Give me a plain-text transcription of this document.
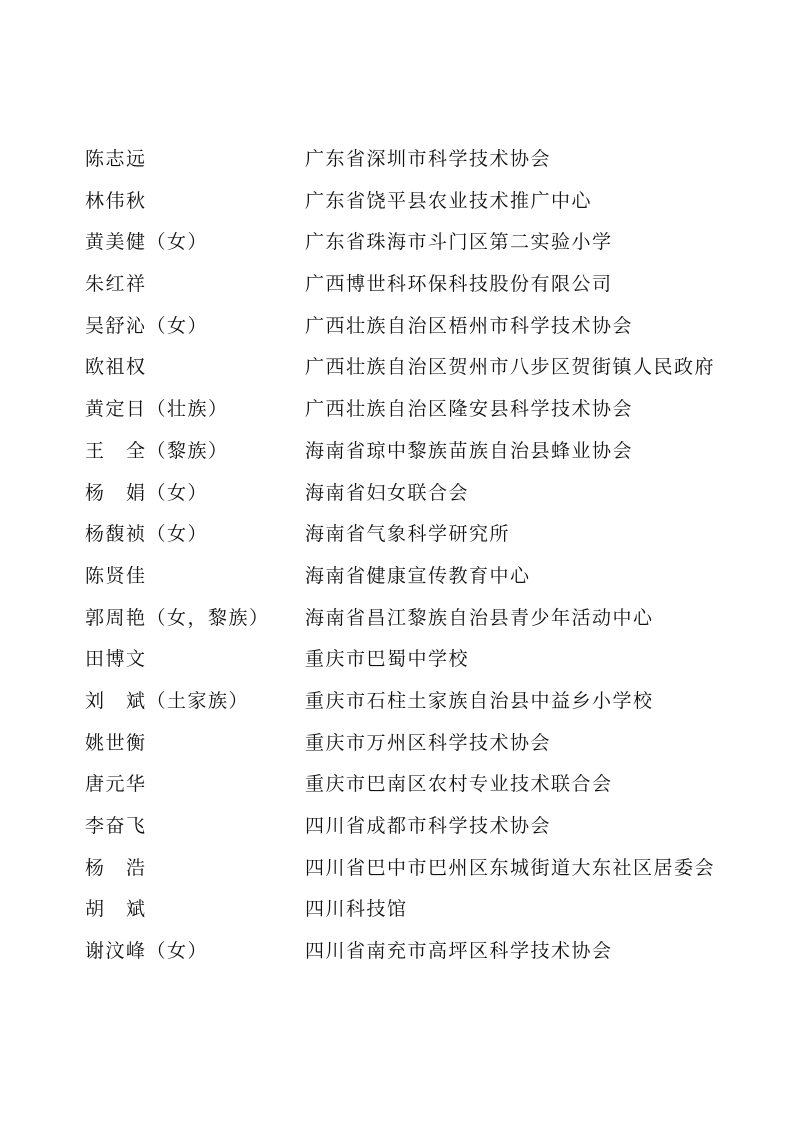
陈志远	广东省深圳市科学技术协会
林伟秋	广东省饶平县农业技术推广中心
黄美健（女）	广东省珠海市斗门区第二实验小学
朱红祥	广西博世科环保科技股份有限公司
吴舒沁（女）	广西壮族自治区梧州市科学技术协会
欧祖权	广西壮族自治区贺州市八步区贺街镇人民政府
黄定日（壮族）	广西壮族自治区隆安县科学技术协会
王　全（黎族）	海南省琼中黎族苗族自治县蜂业协会
杨　娟（女）	海南省妇女联合会
杨馥祯（女）	海南省气象科学研究所
陈贤佳	海南省健康宣传教育中心
郭周艳（女，黎族） 海南省昌江黎族自治县青少年活动中心
田博文	重庆市巴蜀中学校
刘　斌（土家族）	重庆市石柱土家族自治县中益乡小学校
姚世衡	重庆市万州区科学技术协会
唐元华	重庆市巴南区农村专业技术联合会
李奋飞	四川省成都市科学技术协会
杨　浩	四川省巴中市巴州区东城街道大东社区居委会
胡　斌	四川科技馆
谢汶峰（女）	四川省南充市高坪区科学技术协会
